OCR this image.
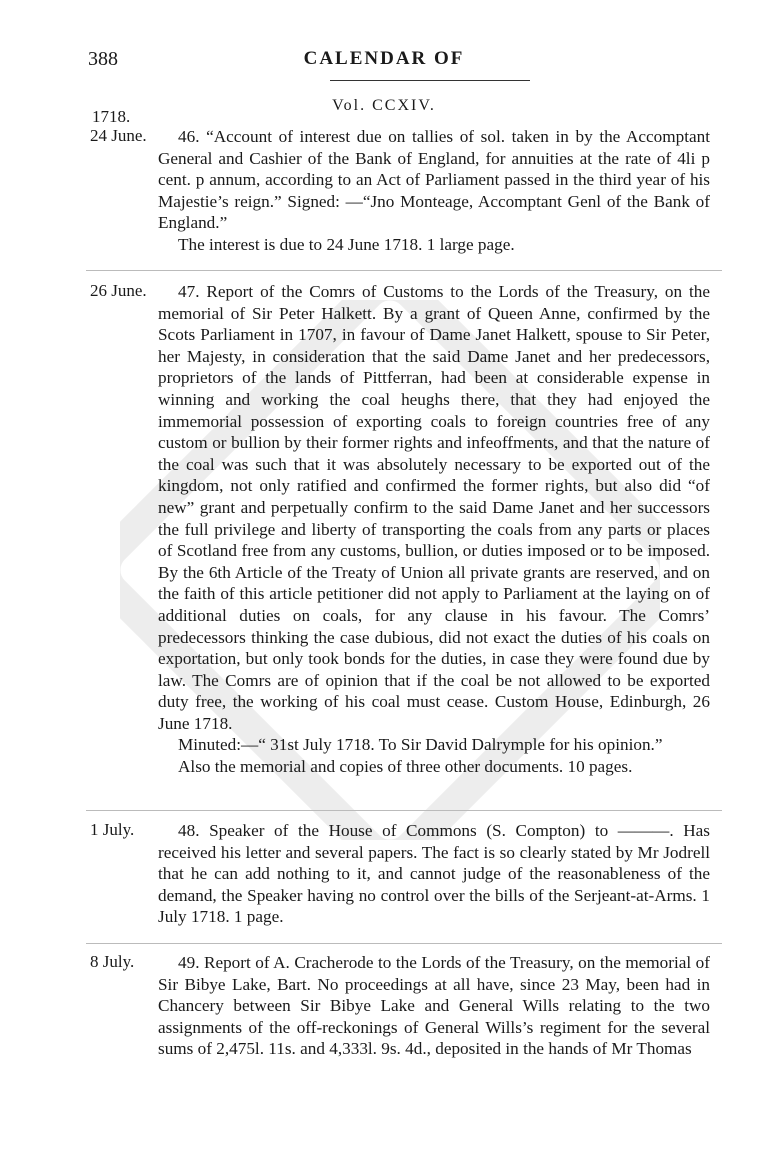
388	CALENDAR OF
Vol. CCXIV.
1718.
24 June.	46. “Account of interest due on tallies of sol. taken in by the Accomptant General and Cashier of the Bank of England, for annuities at the rate of 4li p cent. p annum, according to an Act of Parliament passed in the third year of his Majestie’s reign.” Signed: —“Jno Monteage, Accomptant Genl of the Bank of England.”

The interest is due to 24 June 1718. 1 large page.

26 June.	47. Report of the Comrs of Customs to the Lords of the Treasury, on the memorial of Sir Peter Halkett. By a grant of Queen Anne, confirmed by the Scots Parliament in 1707, in favour of Dame Janet Halkett, spouse to Sir Peter, her Majesty, in consideration that the said Dame Janet and her predecessors, proprietors of the lands of Pittferran, had been at considerable expense in winning and working the coal heughs there, that they had enjoyed the immemorial possession of exporting coals to foreign countries free of any custom or bullion by their former rights and infeoffments, and that the nature of the coal was such that it was absolutely necessary to be exported out of the kingdom, not only ratified and confirmed the former rights, but also did “of new” grant and perpetually confirm to the said Dame Janet and her successors the full privilege and liberty of transporting the coals from any parts or places of Scotland free from any customs, bullion, or duties imposed or to be imposed. By the 6th Article of the Treaty of Union all private grants are reserved, and on the faith of this article petitioner did not apply to Parliament at the laying on of additional duties on coals, for any clause in his favour. The Comrs’ predecessors thinking the case dubious, did not exact the duties of his coals on exportation, but only took bonds for the duties, in case they were found due by law. The Comrs are of opinion that if the coal be not allowed to be exported duty free, the working of his coal must cease. Custom House, Edinburgh, 26 June 1718.

Minuted:—“ 31st July 1718. To Sir David Dalrymple for his opinion.”

Also the memorial and copies of three other documents. 10 pages.

1 July.	48. Speaker of the House of Commons (S. Compton) to ———. Has received his letter and several papers. The fact is so clearly stated by Mr Jodrell that he can add nothing to it, and cannot judge of the reasonableness of the demand, the Speaker having no control over the bills of the Serjeant-at-Arms. 1 July 1718. 1 page.

8 July.	49. Report of A. Cracherode to the Lords of the Treasury, on the memorial of Sir Bibye Lake, Bart. No proceedings at all have, since 23 May, been had in Chancery between Sir Bibye Lake and General Wills relating to the two assignments of the off-reckonings of General Wills’s regiment for the several sums of 2,475l. 11s. and 4,333l. 9s. 4d., deposited in the hands of Mr Thomas
